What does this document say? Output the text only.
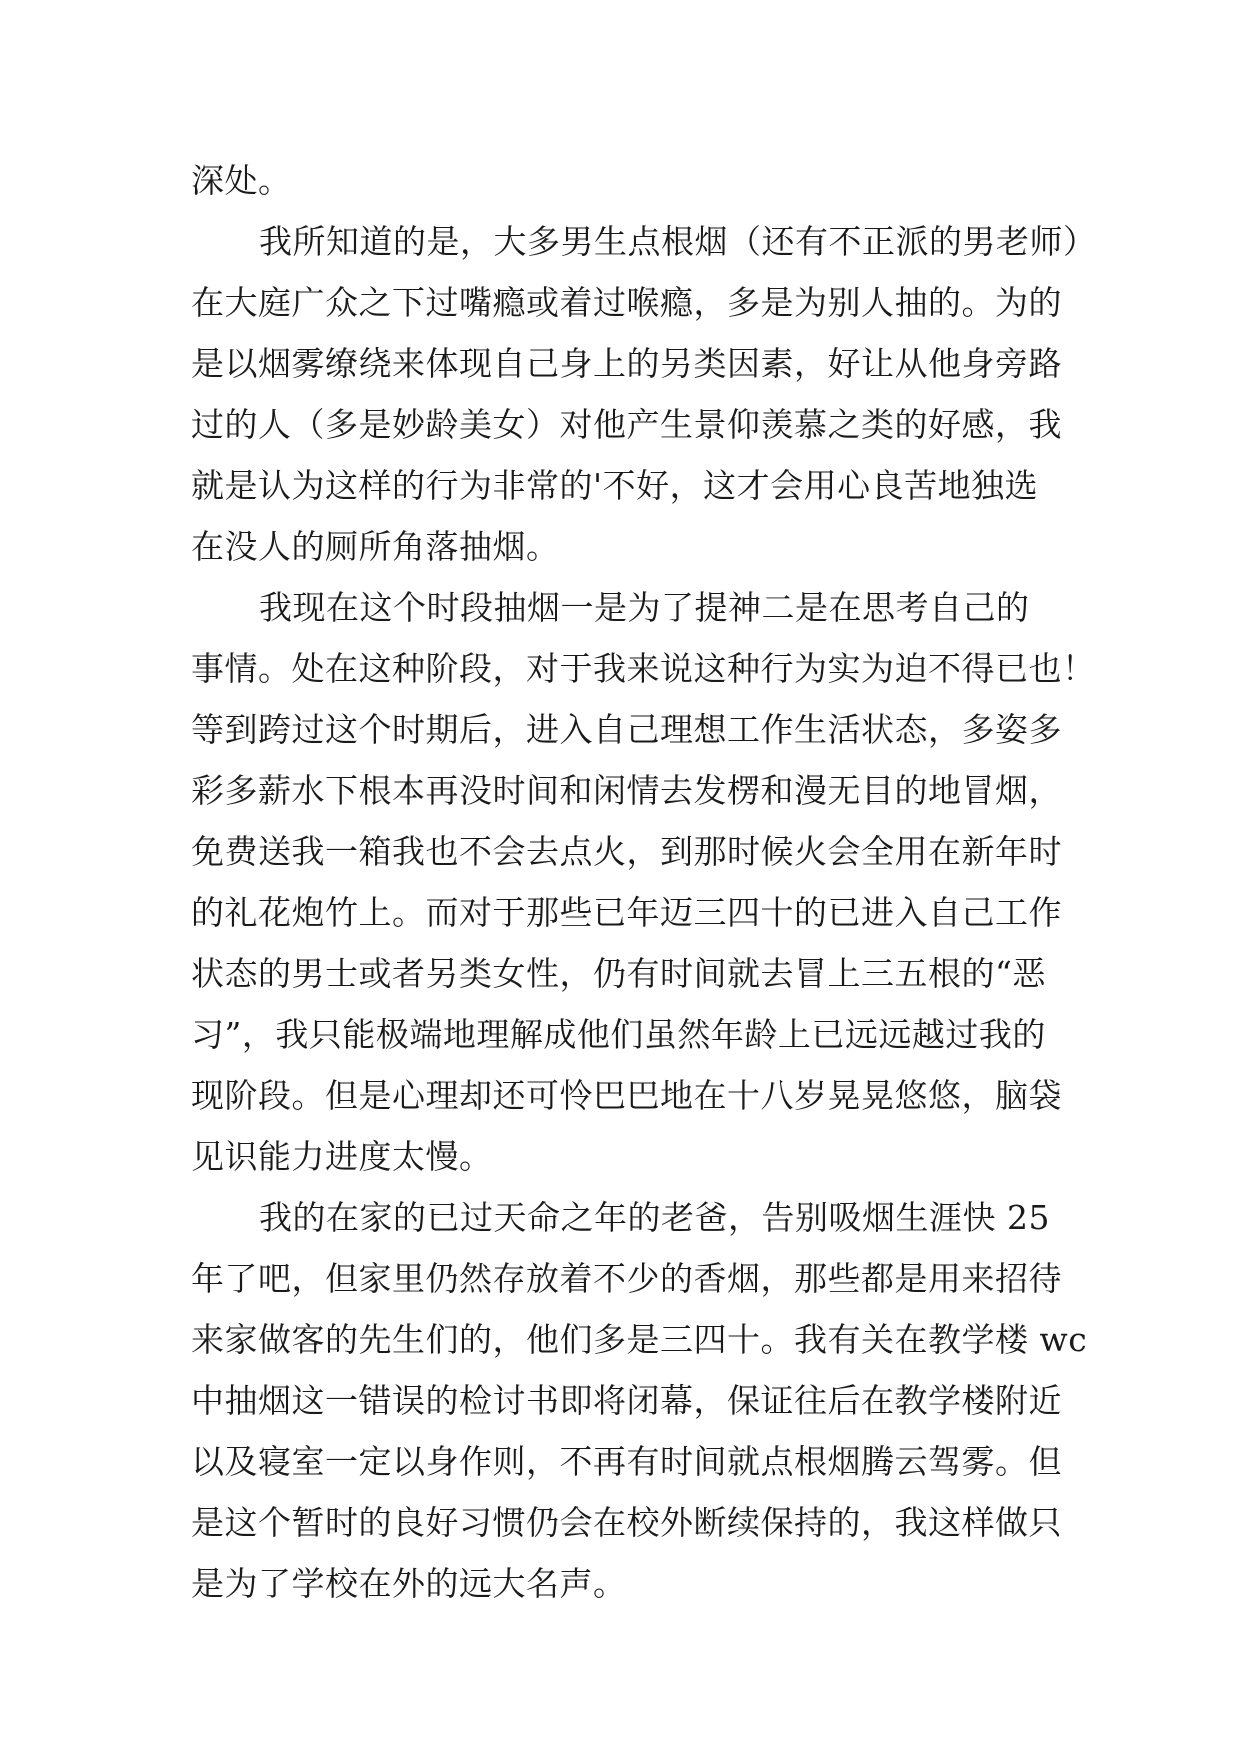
深处。
我所知道的是，大多男生点根烟（还有不正派的男老师）
在大庭广众之下过嘴瘾或着过喉瘾，多是为别人抽的。为的
是以烟雾缭绕来体现自己身上的另类因素，好让从他身旁路
过的人（多是妙龄美女）对他产生景仰羡慕之类的好感，我
就是认为这样的行为非常的'不好，这才会用心良苦地独选
在没人的厕所角落抽烟。
我现在这个时段抽烟一是为了提神二是在思考自己的
事情。处在这种阶段，对于我来说这种行为实为迫不得已也！
等到跨过这个时期后，进入自己理想工作生活状态，多姿多
彩多薪水下根本再没时间和闲情去发楞和漫无目的地冒烟，
免费送我一箱我也不会去点火，到那时候火会全用在新年时
的礼花炮竹上。而对于那些已年迈三四十的已进入自己工作
状态的男士或者另类女性，仍有时间就去冒上三五根的“恶
习”，我只能极端地理解成他们虽然年龄上已远远越过我的
现阶段。但是心理却还可怜巴巴地在十八岁晃晃悠悠，脑袋
见识能力进度太慢。
我的在家的已过天命之年的老爸，告别吸烟生涯快 25
年了吧，但家里仍然存放着不少的香烟，那些都是用来招待
来家做客的先生们的，他们多是三四十。我有关在教学楼 wc
中抽烟这一错误的检讨书即将闭幕，保证往后在教学楼附近
以及寝室一定以身作则，不再有时间就点根烟腾云驾雾。但
是这个暂时的良好习惯仍会在校外断续保持的，我这样做只
是为了学校在外的远大名声。
